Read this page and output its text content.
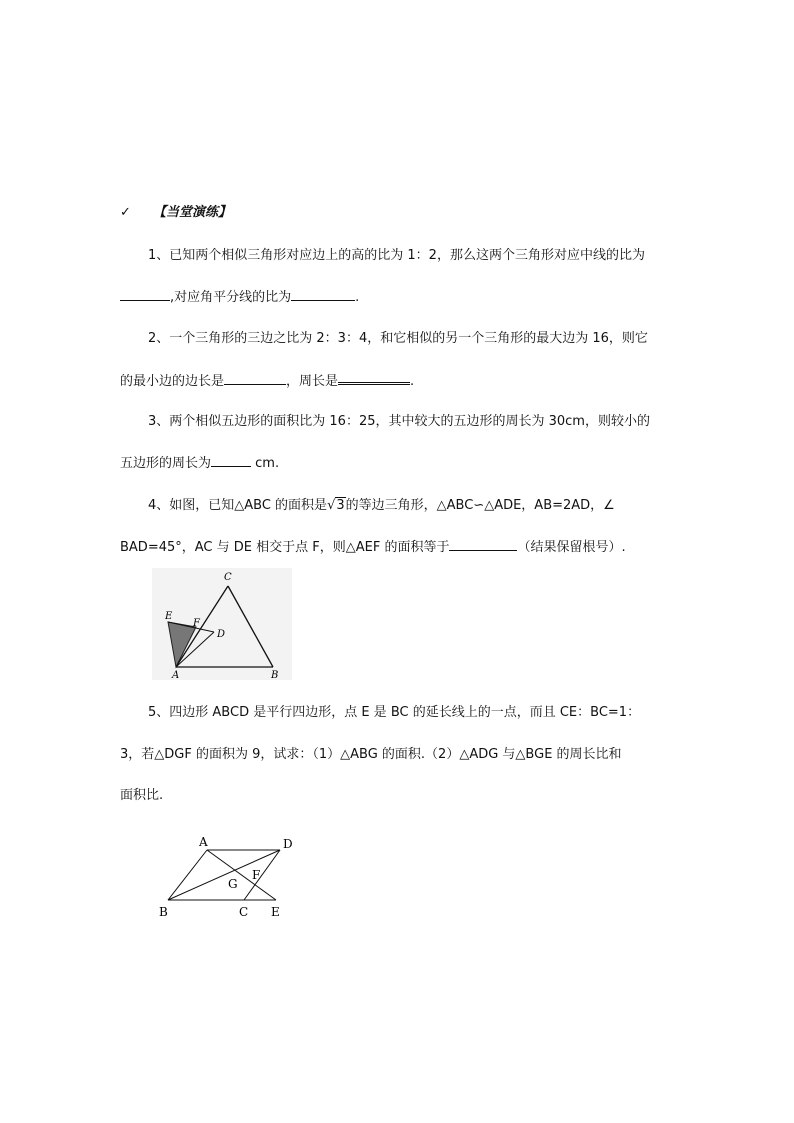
✓ 【当堂演练】
1、已知两个相似三角形对应边上的高的比为 1：2，那么这两个三角形对应中线的比为
,对应角平分线的比为	.
2、一个三角形的三边之比为 2：3：4，和它相似的另一个三角形的最大边为 16，则它
的最小边的边长是	，周长是	.
3、两个相似五边形的面积比为 16：25，其中较大的五边形的周长为 30cm，则较小的
五边形的周长为	cm.
4、如图，已知△ABC 的面积是√3的等边三角形，△ABC∽△ADE，AB=2AD，∠
BAD=45°，AC 与 DE 相交于点 F，则△AEF 的面积等于	（结果保留根号）.
C
E
F
D
A	B
5、四边形 ABCD 是平行四边形，点 E 是 BC 的延长线上的一点，而且 CE：BC=1：
3，若△DGF 的面积为 9，试求：（1）△ABG 的面积.（2）△ADG 与△BGE 的周长比和
面积比.
A	D
G
F
B	C E
